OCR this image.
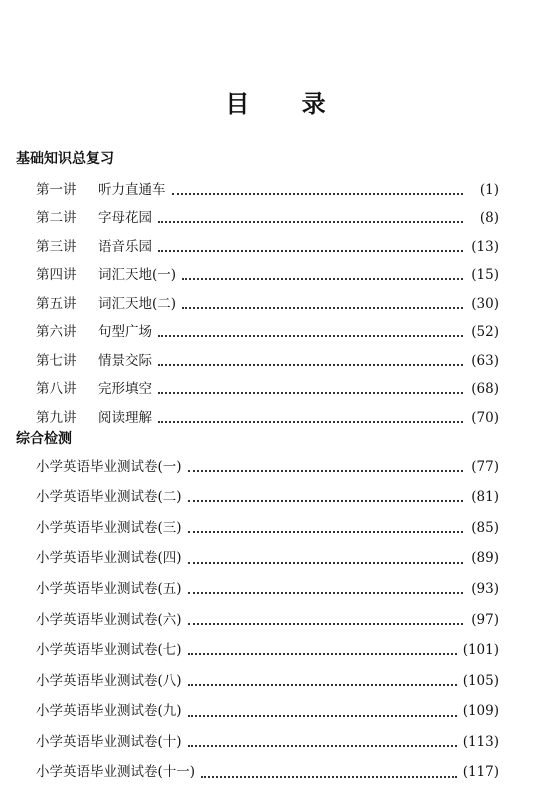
目 录
基础知识总复习
第一讲	听力直通车	(1)
第二讲	字母花园	(8)
第三讲	语音乐园	(13)
第四讲	词汇天地(一)	(15)
第五讲	词汇天地(二)	(30)
第六讲	句型广场	(52)
第七讲	情景交际	(63)
第八讲	完形填空	(68)
第九讲	阅读理解	(70)
综合检测
小学英语毕业测试卷(一)	(77)
小学英语毕业测试卷(二)	(81)
小学英语毕业测试卷(三)	(85)
小学英语毕业测试卷(四)	(89)
小学英语毕业测试卷(五)	(93)
小学英语毕业测试卷(六)	(97)
小学英语毕业测试卷(七)	(101)
小学英语毕业测试卷(八)	(105)
小学英语毕业测试卷(九)	(109)
小学英语毕业测试卷(十)	(113)
小学英语毕业测试卷(十一)	(117)
